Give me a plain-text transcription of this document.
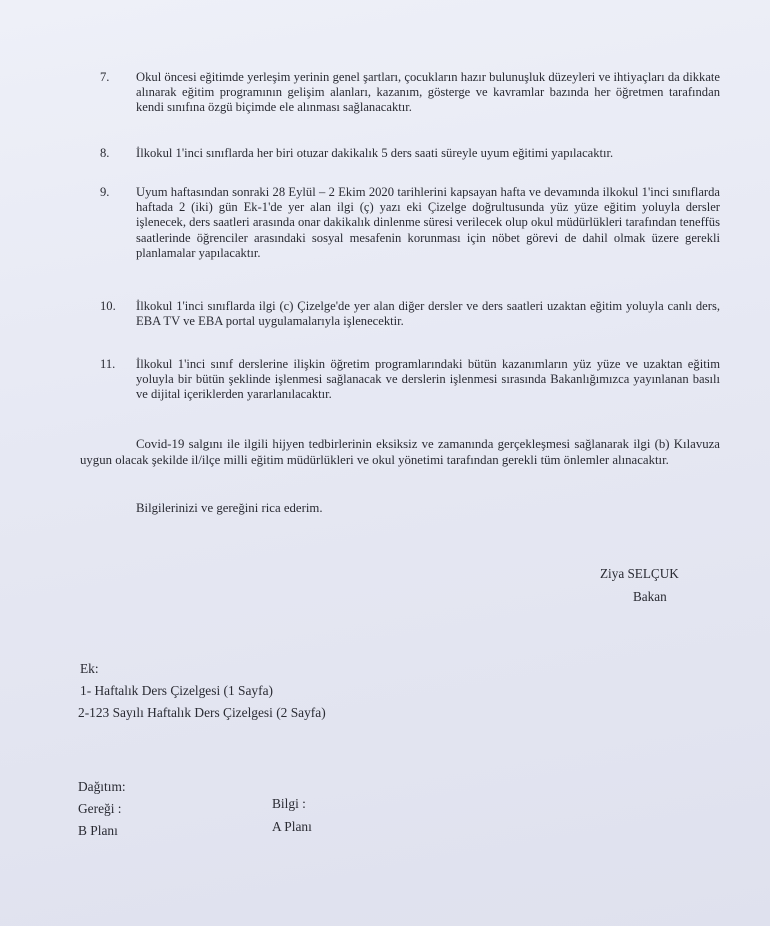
7.	Okul öncesi eğitimde yerleşim yerinin genel şartları, çocukların hazır bulunuşluk düzeyleri ve ihtiyaçları da dikkate alınarak eğitim programının gelişim alanları, kazanım, gösterge ve kavramlar bazında her öğretmen tarafından kendi sınıfına özgü biçimde ele alınması sağlanacaktır.
8.	İlkokul 1'inci sınıflarda her biri otuzar dakikalık 5 ders saati süreyle uyum eğitimi yapılacaktır.
9.	Uyum haftasından sonraki 28 Eylül – 2 Ekim 2020 tarihlerini kapsayan hafta ve devamında ilkokul 1'inci sınıflarda haftada 2 (iki) gün Ek-1'de yer alan ilgi (ç) yazı eki Çizelge doğrultusunda yüz yüze eğitim yoluyla dersler işlenecek, ders saatleri arasında onar dakikalık dinlenme süresi verilecek olup okul müdürlükleri tarafından teneffüs saatlerinde öğrenciler arasındaki sosyal mesafenin korunması için nöbet görevi de dahil olmak üzere gerekli planlamalar yapılacaktır.
10.	İlkokul 1'inci sınıflarda ilgi (c) Çizelge'de yer alan diğer dersler ve ders saatleri uzaktan eğitim yoluyla canlı ders, EBA TV ve EBA portal uygulamalarıyla işlenecektir.
11.	İlkokul 1'inci sınıf derslerine ilişkin öğretim programlarındaki bütün kazanımların yüz yüze ve uzaktan eğitim yoluyla bir bütün şeklinde işlenmesi sağlanacak ve derslerin işlenmesi sırasında Bakanlığımızca yayınlanan basılı ve dijital içeriklerden yararlanılacaktır.
Covid-19 salgını ile ilgili hijyen tedbirlerinin eksiksiz ve zamanında gerçekleşmesi sağlanarak ilgi (b) Kılavuza uygun olacak şekilde il/ilçe milli eğitim müdürlükleri ve okul yönetimi tarafından gerekli tüm önlemler alınacaktır.
Bilgilerinizi ve gereğini rica ederim.
Ziya SELÇUK
Bakan
Ek:
1- Haftalık Ders Çizelgesi (1 Sayfa)
2-123 Sayılı Haftalık Ders Çizelgesi (2 Sayfa)
Dağıtım:
Gereği :
B Planı
Bilgi :
A Planı
